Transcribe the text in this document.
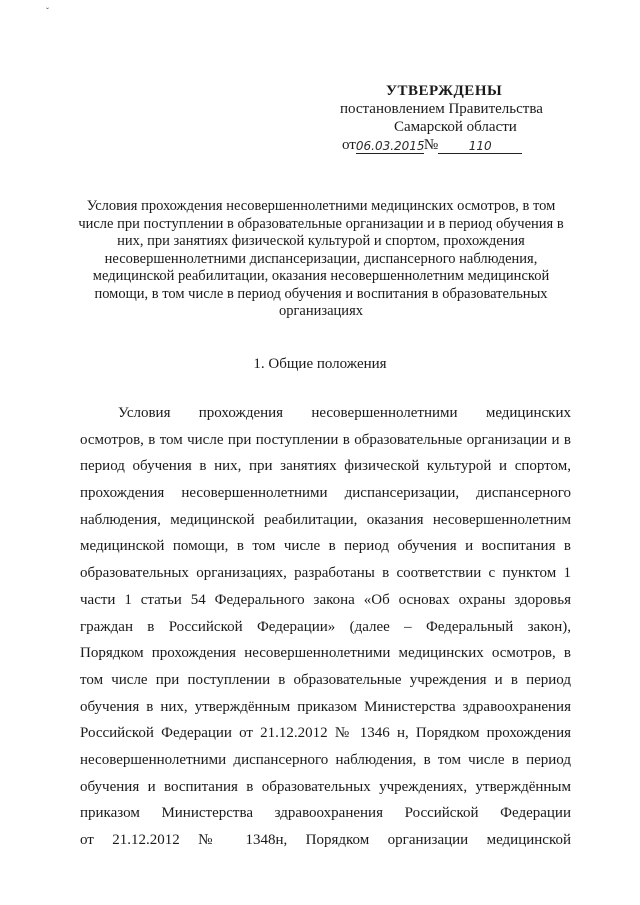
ˇ
УТВЕРЖДЕНЫ
постановлением Правительства
Самарской области
от 06.03.2015 №	110
Условия прохождения несовершеннолетними медицинских осмотров, в том числе при поступлении в образовательные организации и в период обучения в них, при занятиях физической культурой и спортом, прохождения несовершеннолетними диспансеризации, диспансерного наблюдения, медицинской реабилитации, оказания несовершеннолетним медицинской помощи, в том числе в период обучения и воспитания в образовательных организациях
1. Общие положения
Условия прохождения несовершеннолетними медицинских
осмотров, в том числе при поступлении в образовательные организации и в
период обучения в них, при занятиях физической культурой и спортом,
прохождения несовершеннолетними диспансеризации, диспансерного
наблюдения, медицинской реабилитации, оказания несовершеннолетним
медицинской помощи, в том числе в период обучения и воспитания в
образовательных организациях, разработаны в соответствии с пунктом 1
части 1 статьи 54 Федерального закона «Об основах охраны здоровья
граждан в Российской Федерации» (далее – Федеральный закон),
Порядком прохождения несовершеннолетними медицинских осмотров, в
том числе при поступлении в образовательные учреждения и в период
обучения в них, утверждённым приказом Министерства здравоохранения
Российской Федерации от 21.12.2012 № 1346 н, Порядком прохождения
несовершеннолетними диспансерного наблюдения, в том числе в период
обучения и воспитания в образовательных учреждениях, утверждённым
приказом Министерства здравоохранения Российской Федерации
от 21.12.2012 № 1348н, Порядком организации медицинской
